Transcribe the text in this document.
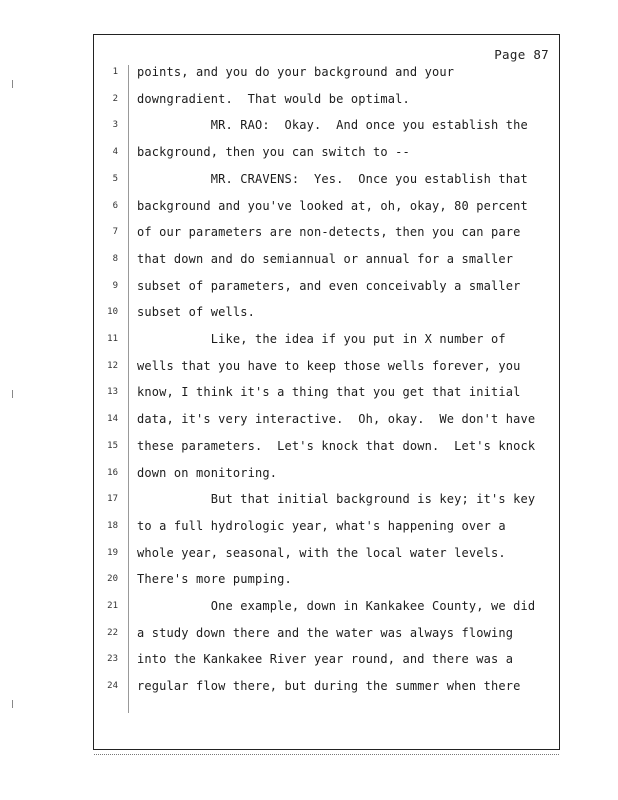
Page 87
1 points, and you do your background and your
2 downgradient.  That would be optimal.
3 MR. RAO:  Okay.  And once you establish the
4 background, then you can switch to --
5 MR. CRAVENS:  Yes.  Once you establish that
6 background and you've looked at, oh, okay, 80 percent
7 of our parameters are non-detects, then you can pare
8 that down and do semiannual or annual for a smaller
9 subset of parameters, and even conceivably a smaller
10 subset of wells.
11 Like, the idea if you put in X number of
12 wells that you have to keep those wells forever, you
13 know, I think it's a thing that you get that initial
14 data, it's very interactive.  Oh, okay.  We don't have
15 these parameters.  Let's knock that down.  Let's knock
16 down on monitoring.
17 But that initial background is key; it's key
18 to a full hydrologic year, what's happening over a
19 whole year, seasonal, with the local water levels.
20 There's more pumping.
21 One example, down in Kankakee County, we did
22 a study down there and the water was always flowing
23 into the Kankakee River year round, and there was a
24 regular flow there, but during the summer when there
